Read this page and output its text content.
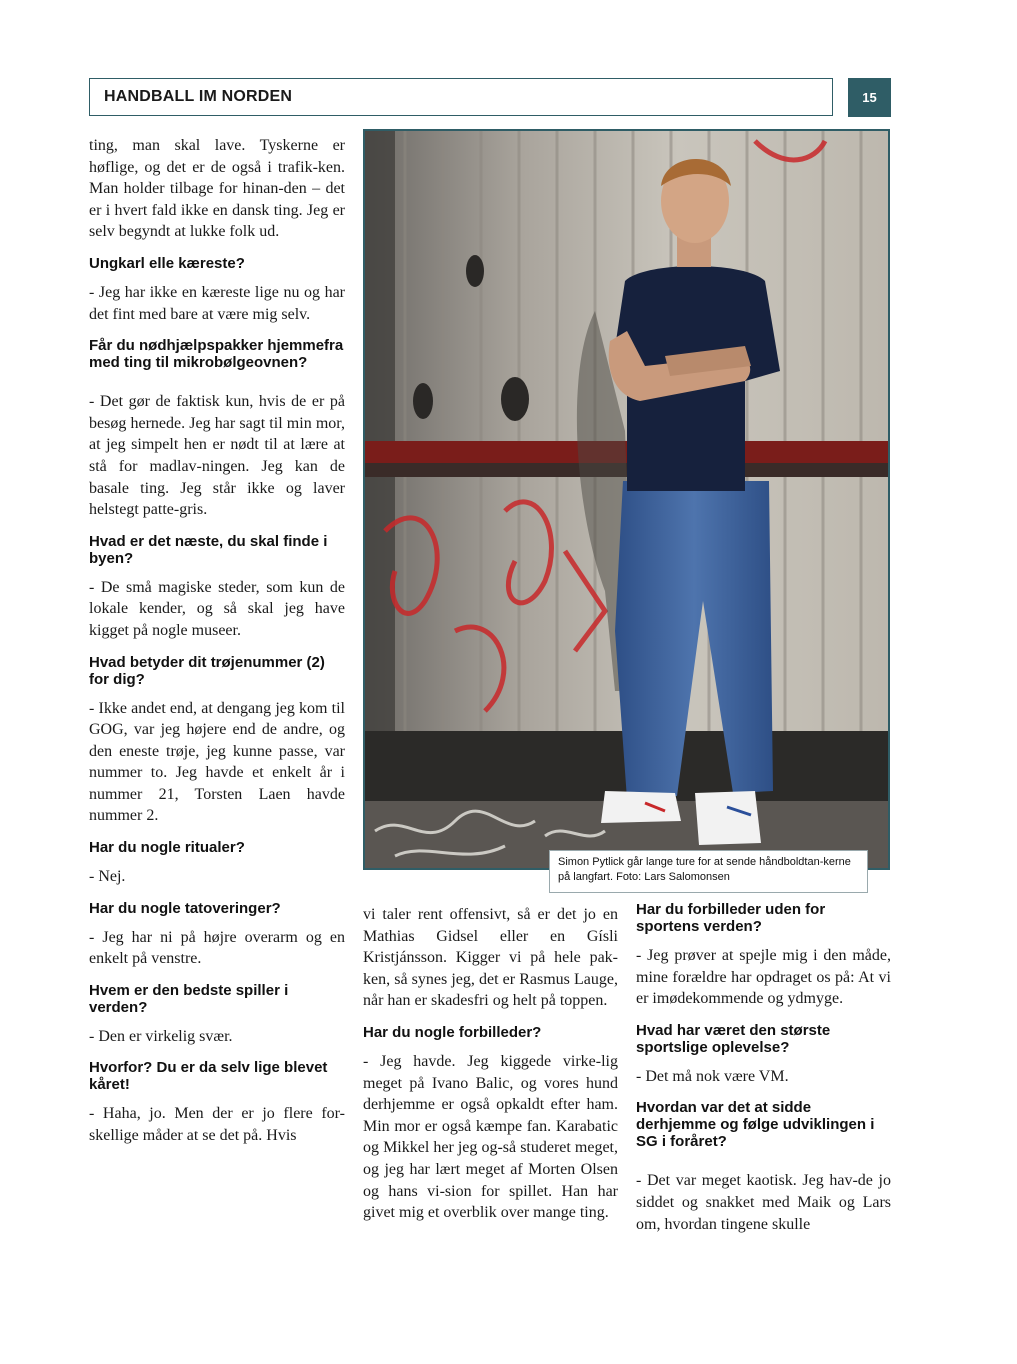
HANDBALL IM NORDEN	15

ting, man skal lave. Tyskerne er høflige, og det er de også i trafik-ken. Man holder tilbage for hinan-den – det er i hvert fald ikke en dansk ting. Jeg er selv begyndt at lukke folk ud.

Ungkarl elle kæreste?

- Jeg har ikke en kæreste lige nu og har det fint med bare at være mig selv.

Får du nødhjælpspakker hjemmefra med ting til mikrobølgeovnen?

- Det gør de faktisk kun, hvis de er på besøg hernede. Jeg har sagt til min mor, at jeg simpelt hen er nødt til at lære at stå for madlav-ningen. Jeg kan de basale ting. Jeg står ikke og laver helstegt patte-gris.

Hvad er det næste, du skal finde i byen?

- De små magiske steder, som kun de lokale kender, og så skal jeg have kigget på nogle museer.

Hvad betyder dit trøjenummer (2) for dig?

- Ikke andet end, at dengang jeg kom til GOG, var jeg højere end de andre, og den eneste trøje, jeg kunne passe, var nummer to. Jeg havde et enkelt år i nummer 21, Torsten Laen havde nummer 2.

Har du nogle ritualer?

- Nej.

Har du nogle tatoveringer?

- Jeg har ni på højre overarm og en enkelt på venstre.

Hvem er den bedste spiller i verden?

- Den er virkelig svær.

Hvorfor? Du er da selv lige blevet kåret!

- Haha, jo. Men der er jo flere for-skellige måder at se det på. Hvis

Simon Pytlick går lange ture for at sende håndboldtan-kerne på langfart. Foto: Lars Salomonsen

vi taler rent offensivt, så er det jo en Mathias Gidsel eller en Gísli Kristjánsson. Kigger vi på hele pak-ken, så synes jeg, det er Rasmus Lauge, når han er skadesfri og helt på toppen.

Har du nogle forbilleder?

- Jeg havde. Jeg kiggede virke-lig meget på Ivano Balic, og vores hund derhjemme er også opkaldt efter ham. Min mor er også kæmpe fan. Karabatic og Mikkel her jeg og-så studeret meget, og jeg har lært meget af Morten Olsen og hans vi-sion for spillet. Han har givet mig et overblik over mange ting.

Har du forbilleder uden for sportens verden?

- Jeg prøver at spejle mig i den måde, mine forældre har opdraget os på: At vi er imødekommende og ydmyge.

Hvad har været den største sportslige oplevelse?

- Det må nok være VM.

Hvordan var det at sidde derhjemme og følge udviklingen i SG i foråret?

- Det var meget kaotisk. Jeg hav-de jo siddet og snakket med Maik og Lars om, hvordan tingene skulle
